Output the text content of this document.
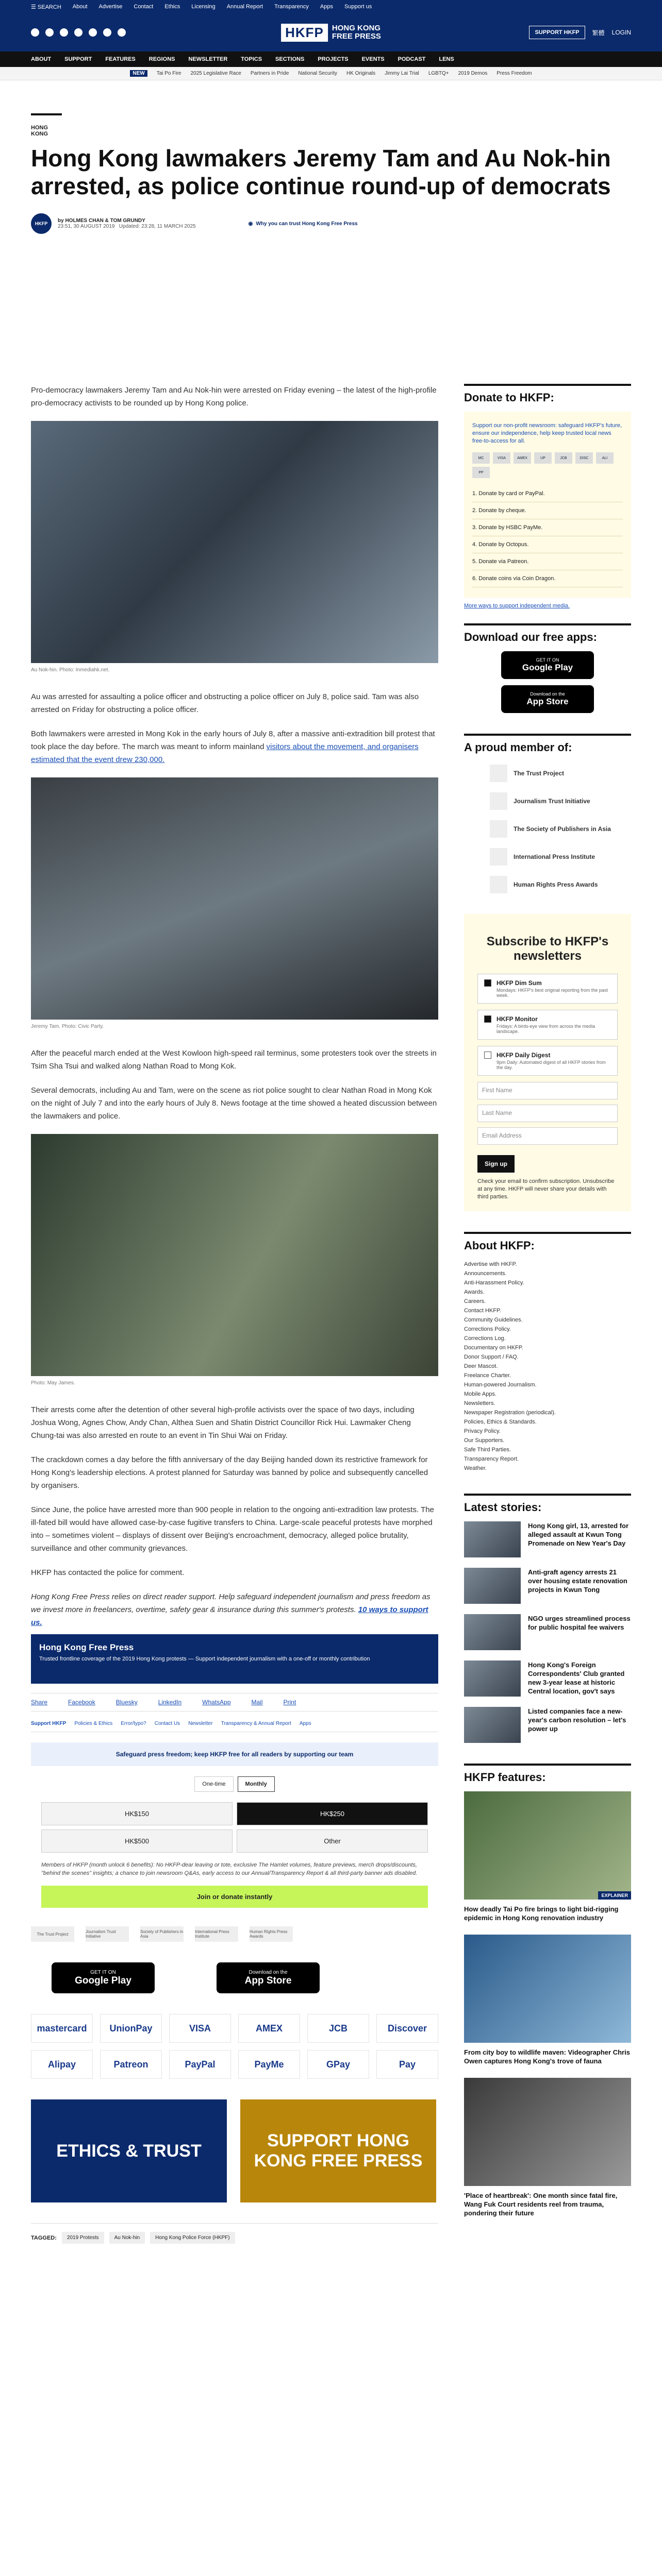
☰ SEARCH About Advertise Contact Ethics Licensing Annual Report Transparency Apps Support us
HKFP	HONG KONG
FREE PRESS	SUPPORT HKFP	繁體 LOGIN
ABOUT SUPPORT FEATURES REGIONS NEWSLETTER TOPICS SECTIONS PROJECTS EVENTS PODCAST LENS
NEW	Tai Po Fire 2025 Legislative Race Partners in Pride National Security HK Originals Jimmy Lai Trial LGBTQ+ 2019 Demos Press Freedom
HONG KONG
Hong Kong lawmakers Jeremy Tam and Au Nok-hin arrested, as police continue round-up of democrats
HKFP	by HOLMES CHAN & TOM GRUNDY
23:51, 30 AUGUST 2019 Updated: 23:28, 11 MARCH 2025	◉ Why you can trust Hong Kong Free Press

Pro-democracy lawmakers Jeremy Tam and Au Nok-hin were arrested on Friday evening – the latest of the high-profile pro-democracy activists to be rounded up by Hong Kong police.

Au Nok-hin. Photo: Inmediahk.net.

Au was arrested for assaulting a police officer and obstructing a police officer on July 8, police said. Tam was also arrested on Friday for obstructing a police officer.

Both lawmakers were arrested in Mong Kok in the early hours of July 8, after a massive anti-extradition bill protest that took place the day before. The march was meant to inform mainland visitors about the movement, and organisers estimated that the event drew 230,000.

Jeremy Tam. Photo: Civic Party.

After the peaceful march ended at the West Kowloon high-speed rail terminus, some protesters took over the streets in Tsim Sha Tsui and walked along Nathan Road to Mong Kok.

Several democrats, including Au and Tam, were on the scene as riot police sought to clear Nathan Road in Mong Kok on the night of July 7 and into the early hours of July 8. News footage at the time showed a heated discussion between the lawmakers and police.

Photo: May James.

Their arrests come after the detention of other several high-profile activists over the space of two days, including Joshua Wong, Agnes Chow, Andy Chan, Althea Suen and Shatin District Councillor Rick Hui. Lawmaker Cheng Chung-tai was also arrested en route to an event in Tin Shui Wai on Friday.

The crackdown comes a day before the fifth anniversary of the day Beijing handed down its restrictive framework for Hong Kong's leadership elections. A protest planned for Saturday was banned by police and subsequently cancelled by organisers.

Since June, the police have arrested more than 900 people in relation to the ongoing anti-extradition law protests. The ill-fated bill would have allowed case-by-case fugitive transfers to China. Large-scale peaceful protests have morphed into – sometimes violent – displays of dissent over Beijing's encroachment, democracy, alleged police brutality, surveillance and other community grievances.

HKFP has contacted the police for comment.

Hong Kong Free Press relies on direct reader support. Help safeguard independent journalism and press freedom as we invest more in freelancers, overtime, safety gear & insurance during this summer's protests. 10 ways to support us.

Hong Kong Free Press
Trusted frontline coverage of the 2019 Hong Kong protests — Support independent journalism with a one-off or monthly contribution
Share	Facebook	Bluesky	LinkedIn	WhatsApp	Mail	Print
Support HKFP Policies & Ethics Error/typo? Contact Us Newsletter Transparency & Annual Report Apps
Safeguard press freedom; keep HKFP free for all readers by supporting our team
One-time	Monthly
HK$150	HK$250
HK$500	Other
Members of HKFP (month unlock 6 benefits): No HKFP-dear leaving or tote, exclusive The Hamlet volumes, feature previews, merch drops/discounts, "behind the scenes" insights; a chance to join newsroom Q&As, early access to our Annual/Transparency Report & all third-party banner ads disabled.
Join or donate instantly
The Trust Project	Journalism Trust Initiative
Society of Publishers in Asia
International Press Institute
Human Rights Press Awards
GET IT ON
Google Play
Download on the
App Store
mastercard	UnionPay	VISA	AMEX	JCB	Discover
Alipay	Patreon	PayPal	PayMe	GPay	Pay
ETHICS & TRUST
SUPPORT HONG KONG FREE PRESS
TAGGED:	2019 Protests	Au Nok-hin	Hong Kong Police Force (HKPF)
Donate to HKFP:
Support our non-profit newsroom: safeguard HKFP's future, ensure our independence, help keep trusted local news free-to-access for all.
MC	VISA	AMEX	UP	JCB	DISC	ALI
PP
1. Donate by card or PayPal.
2. Donate by cheque.
3. Donate by HSBC PayMe.
4. Donate by Octopus.
5. Donate via Patreon.
6. Donate coins via Coin Dragon.
More ways to support independent media.
Download our free apps:
GET IT ON
Google Play
Download on the
App Store
A proud member of:
The Trust Project
Journalism Trust Initiative
The Society of Publishers in Asia
International Press Institute
Human Rights Press Awards
Subscribe to HKFP's newsletters
HKFP Dim Sum
Mondays: HKFP's best original reporting from the past week.
HKFP Monitor
Fridays: A birds-eye view from across the media landscape.
HKFP Daily Digest
9pm Daily: Automated digest of all HKFP stories from the day.
First Name
Last Name
Email Address
Sign up
Check your email to confirm subscription. Unsubscribe at any time. HKFP will never share your details with third parties.
About HKFP:
Advertise with HKFP.
Announcements.
Anti-Harassment Policy.
Awards.
Careers.
Contact HKFP.
Community Guidelines.
Corrections Policy.
Corrections Log.
Documentary on HKFP.
Donor Support / FAQ.
Deer Mascot.
Freelance Charter.
Human-powered Journalism.
Mobile Apps.
Newsletters.
Newspaper Registration (periodical).
Policies, Ethics & Standards.
Privacy Policy.
Our Supporters.
Safe Third Parties.
Transparency Report.
Weather.
Latest stories:
Hong Kong girl, 13, arrested for alleged assault at Kwun Tong Promenade on New Year's Day
Anti-graft agency arrests 21 over housing estate renovation projects in Kwun Tong
NGO urges streamlined process for public hospital fee waivers
Hong Kong's Foreign Correspondents' Club granted new 3-year lease at historic Central location, gov't says
Listed companies face a new-year's carbon resolution – let's power up
HKFP features:
EXPLAINER
How deadly Tai Po fire brings to light bid-rigging epidemic in Hong Kong renovation industry
From city boy to wildlife maven: Videographer Chris Owen captures Hong Kong's trove of fauna
'Place of heartbreak': One month since fatal fire, Wang Fuk Court residents reel from trauma, pondering their future
